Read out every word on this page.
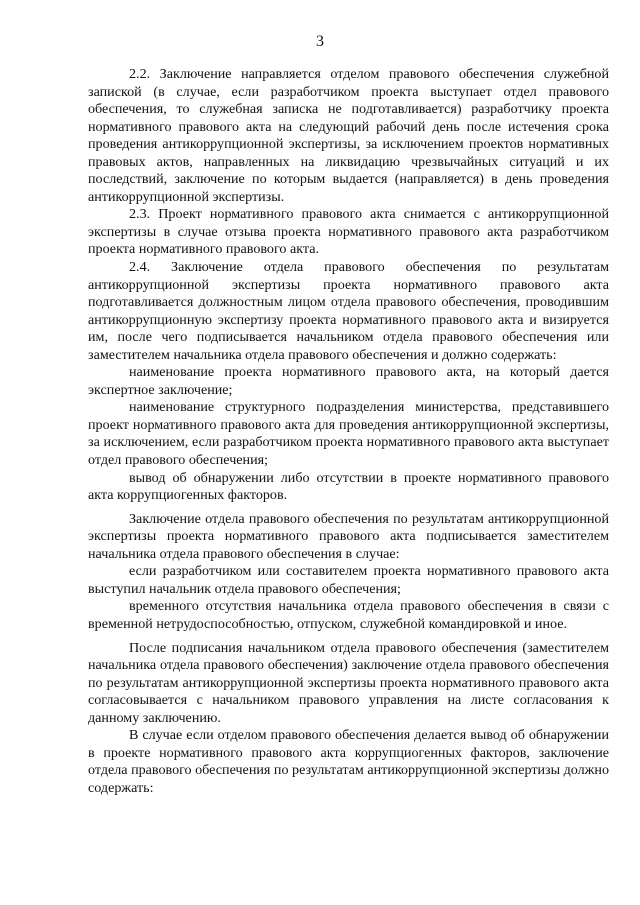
3

2.2. Заключение направляется отделом правового обеспечения служебной запиской (в случае, если разработчиком проекта выступает отдел правового обеспечения, то служебная записка не подготавливается) разработчику проекта нормативного правового акта на следующий рабочий день после истечения срока проведения антикоррупционной экспертизы, за исключением проектов нормативных правовых актов, направленных на ликвидацию чрезвычайных ситуаций и их последствий, заключение по которым выдается (направляется) в день проведения антикоррупционной экспертизы.

2.3. Проект нормативного правового акта снимается с антикоррупционной экспертизы в случае отзыва проекта нормативного правового акта разработчиком проекта нормативного правового акта.

2.4. Заключение отдела правового обеспечения по результатам антикоррупционной экспертизы проекта нормативного правового акта подготавливается должностным лицом отдела правового обеспечения, проводившим антикоррупционную экспертизу проекта нормативного правового акта и визируется им, после чего подписывается начальником отдела правового обеспечения или заместителем начальника отдела правового обеспечения и должно содержать:

наименование проекта нормативного правового акта, на который дается экспертное заключение;

наименование структурного подразделения министерства, представившего проект нормативного правового акта для проведения антикоррупционной экспертизы, за исключением, если разработчиком проекта нормативного правового акта выступает отдел правового обеспечения;

вывод об обнаружении либо отсутствии в проекте нормативного правового акта коррупциогенных факторов.

Заключение отдела правового обеспечения по результатам антикоррупционной экспертизы проекта нормативного правового акта подписывается заместителем начальника отдела правового обеспечения в случае:

если разработчиком или составителем проекта нормативного правового акта выступил начальник отдела правового обеспечения;

временного отсутствия начальника отдела правового обеспечения в связи с временной нетрудоспособностью, отпуском, служебной командировкой и иное.

После подписания начальником отдела правового обеспечения (заместителем начальника отдела правового обеспечения) заключение отдела правового обеспечения по результатам антикоррупционной экспертизы проекта нормативного правового акта согласовывается с начальником правового управления на листе согласования к данному заключению.

В случае если отделом правового обеспечения делается вывод об обнаружении в проекте нормативного правового акта коррупциогенных факторов, заключение отдела правового обеспечения по результатам антикоррупционной экспертизы должно содержать:
